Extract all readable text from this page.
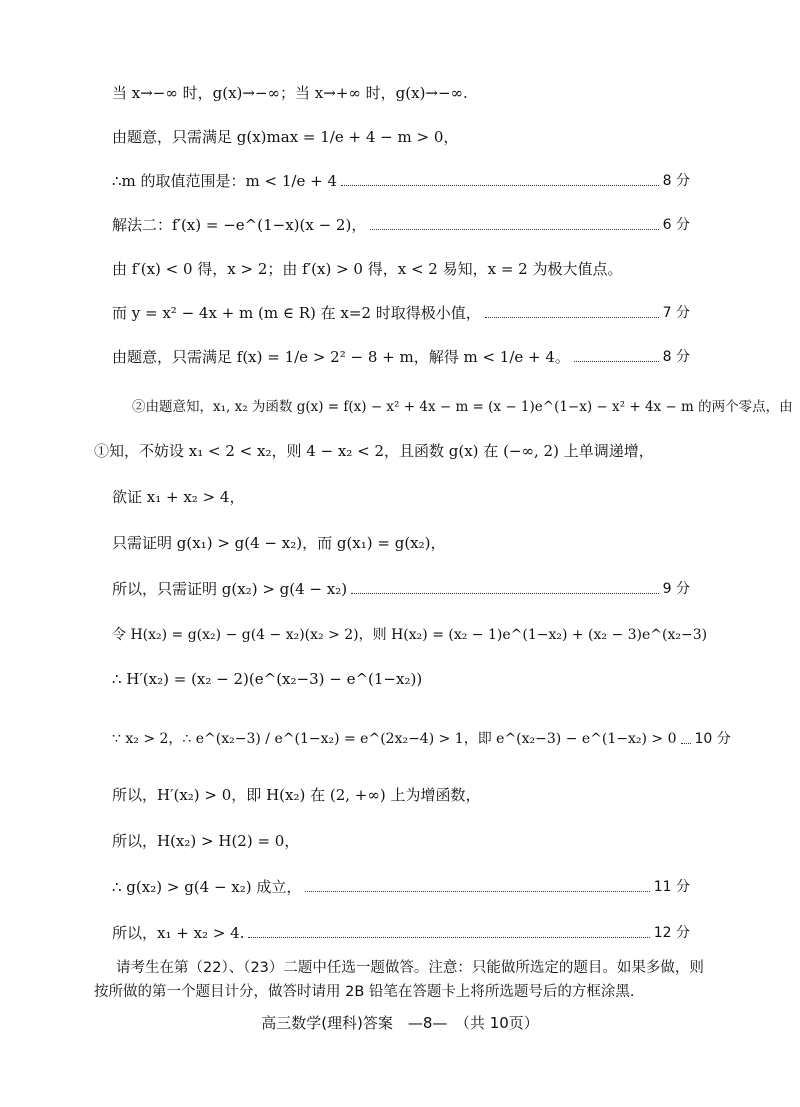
当 x→−∞ 时，g(x)→−∞；当 x→+∞ 时，g(x)→−∞.
由题意，只需满足 g(x)max = 1/e + 4 − m > 0，
∴m 的取值范围是：m < 1/e + 4	8 分
解法二：f′(x) = −e^(1−x)(x − 2)，	6 分
由 f′(x) < 0 得，x > 2；由 f′(x) > 0 得，x < 2 易知，x = 2 为极大值点。
而 y = x² − 4x + m (m ∈ R) 在 x=2 时取得极小值，	7 分
由题意，只需满足 f(x) = 1/e > 2² − 8 + m，解得 m < 1/e + 4。	8 分
②由题意知，x₁, x₂ 为函数 g(x) = f(x) − x² + 4x − m = (x − 1)e^(1−x) − x² + 4x − m 的两个零点，由
①知，不妨设 x₁ < 2 < x₂，则 4 − x₂ < 2，且函数 g(x) 在 (−∞, 2) 上单调递增，
欲证 x₁ + x₂ > 4，
只需证明 g(x₁) > g(4 − x₂)，而 g(x₁) = g(x₂)，
所以，只需证明 g(x₂) > g(4 − x₂)	9 分
令 H(x₂) = g(x₂) − g(4 − x₂)(x₂ > 2)，则 H(x₂) = (x₂ − 1)e^(1−x₂) + (x₂ − 3)e^(x₂−3)
∴ H′(x₂) = (x₂ − 2)(e^(x₂−3) − e^(1−x₂))
∵ x₂ > 2，∴ e^(x₂−3) / e^(1−x₂) = e^(2x₂−4) > 1，即 e^(x₂−3) − e^(1−x₂) > 0 10 分
所以，H′(x₂) > 0，即 H(x₂) 在 (2, +∞) 上为增函数，
所以，H(x₂) > H(2) = 0，
∴ g(x₂) > g(4 − x₂) 成立，	11 分
所以，x₁ + x₂ > 4.	12 分
请考生在第（22）、（23）二题中任选一题做答。注意：只能做所选定的题目。如果多做，则
按所做的第一个题目计分，做答时请用 2B 铅笔在答题卡上将所选题号后的方框涂黑.
高三数学(理科)答案　—8—　（共 10页）
